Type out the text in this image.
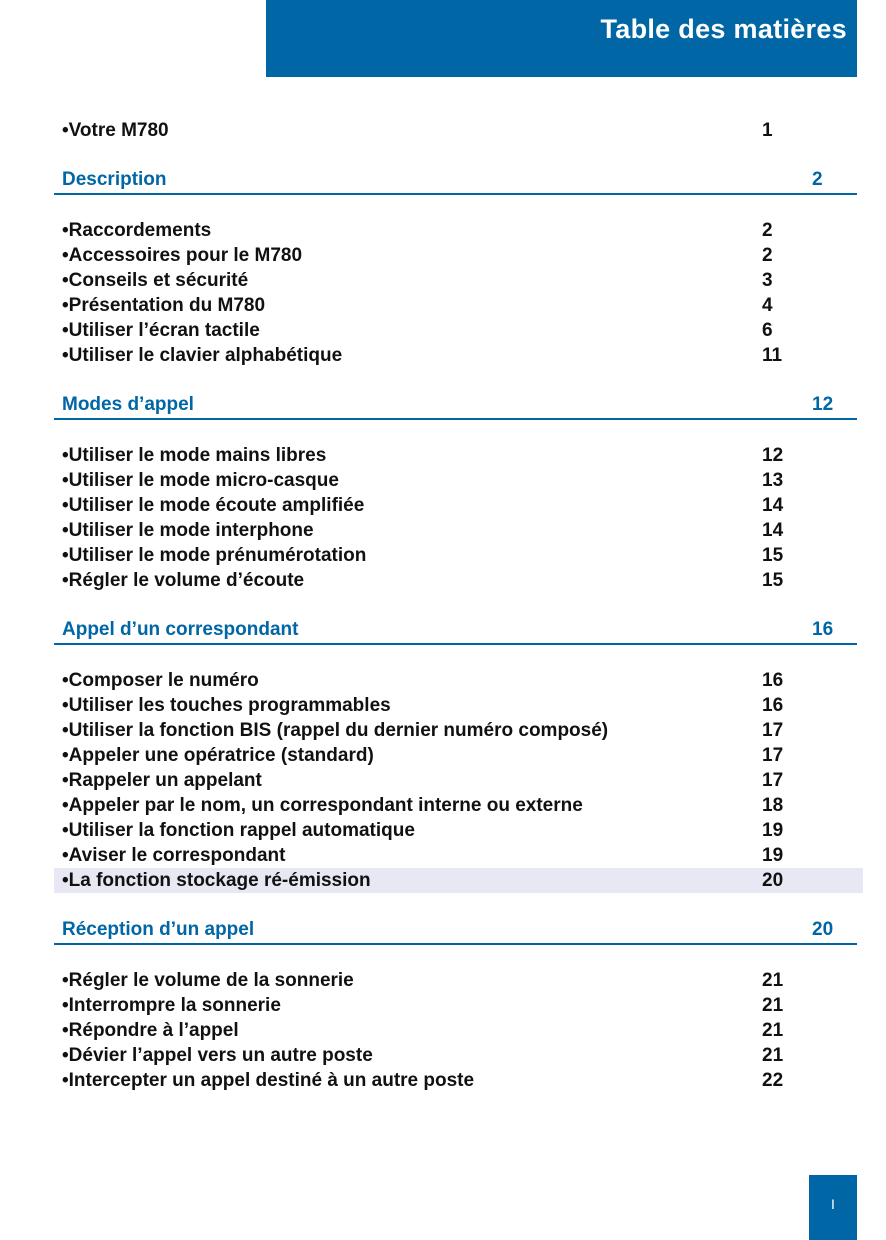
Table des matières
•Votre M780	1
Description	2
•Raccordements	2
•Accessoires pour le M780	2
•Conseils et sécurité	3
•Présentation du M780	4
•Utiliser l’écran tactile	6
•Utiliser le clavier alphabétique	11
Modes d’appel	12
•Utiliser le mode mains libres	12
•Utiliser le mode micro-casque	13
•Utiliser le mode écoute amplifiée	14
•Utiliser le mode interphone	14
•Utiliser le mode prénumérotation	15
•Régler le volume d’écoute	15
Appel d’un correspondant	16
•Composer le numéro	16
•Utiliser les touches programmables	16
•Utiliser la fonction BIS (rappel du dernier numéro composé)	17
•Appeler une opératrice (standard)	17
•Rappeler un appelant	17
•Appeler par le nom, un correspondant interne ou externe	18
•Utiliser la fonction rappel automatique	19
•Aviser le correspondant	19
•La fonction stockage ré-émission	20
Réception d’un appel	20
•Régler le volume de la sonnerie	21
•Interrompre la sonnerie	21
•Répondre à l’appel	21
•Dévier l’appel vers un autre poste	21
•Intercepter un appel destiné à un autre poste	22
I
